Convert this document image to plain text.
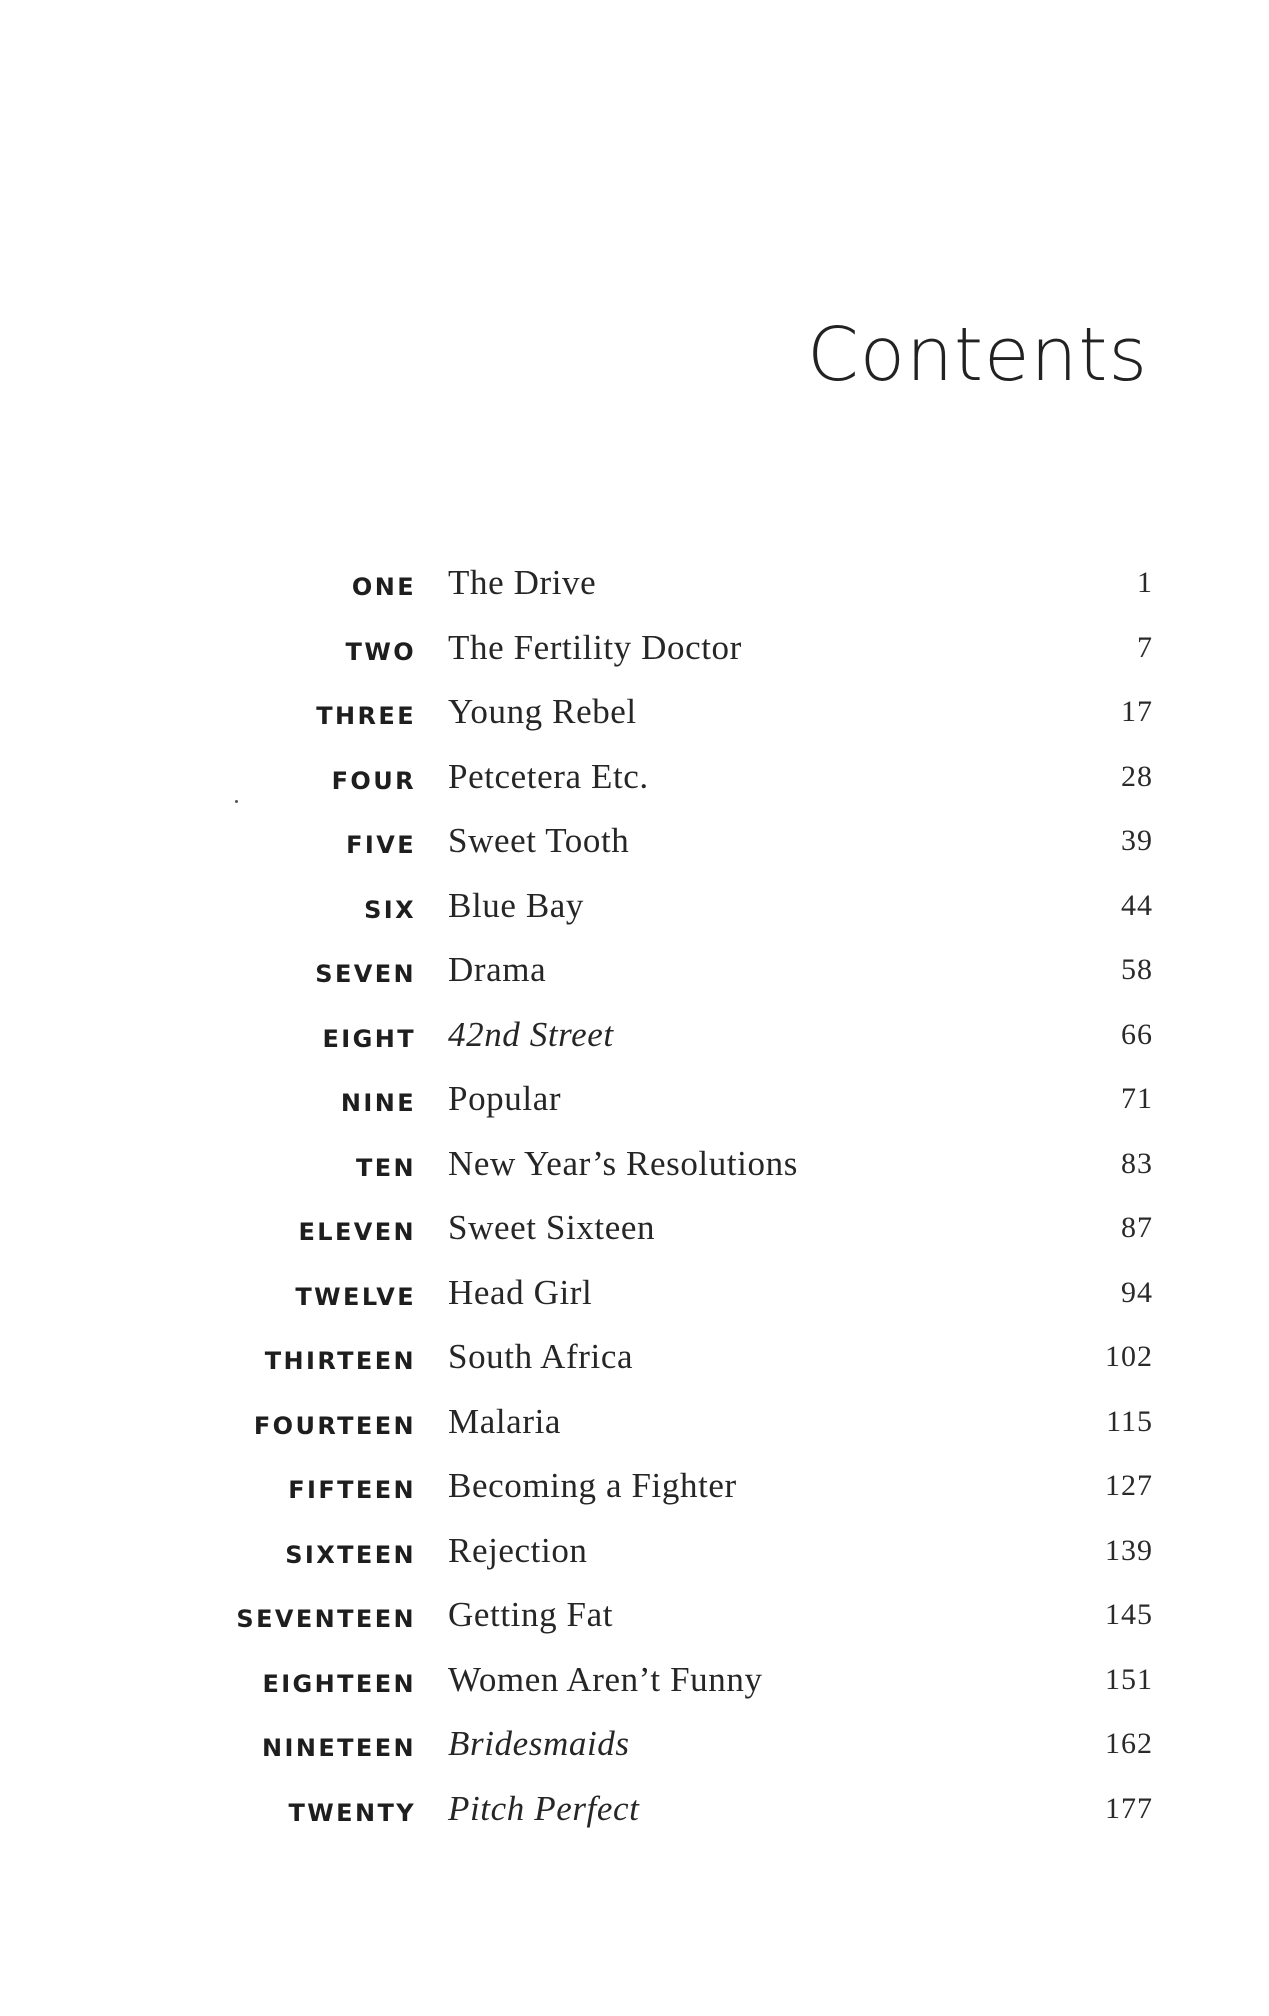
Contents
ONE The Drive	1
TWO The Fertility Doctor	7
THREE Young Rebel	17
FOUR Petcetera Etc.	28
FIVE Sweet Tooth	39
SIX Blue Bay	44
SEVEN Drama	58
EIGHT 42nd Street	66
NINE Popular	71
TEN New Year’s Resolutions	83
ELEVEN Sweet Sixteen	87
TWELVE Head Girl	94
THIRTEEN South Africa	102
FOURTEEN Malaria	115
FIFTEEN Becoming a Fighter	127
SIXTEEN Rejection	139
SEVENTEEN Getting Fat	145
EIGHTEEN Women Aren’t Funny	151
NINETEEN Bridesmaids	162
TWENTY Pitch Perfect	177
